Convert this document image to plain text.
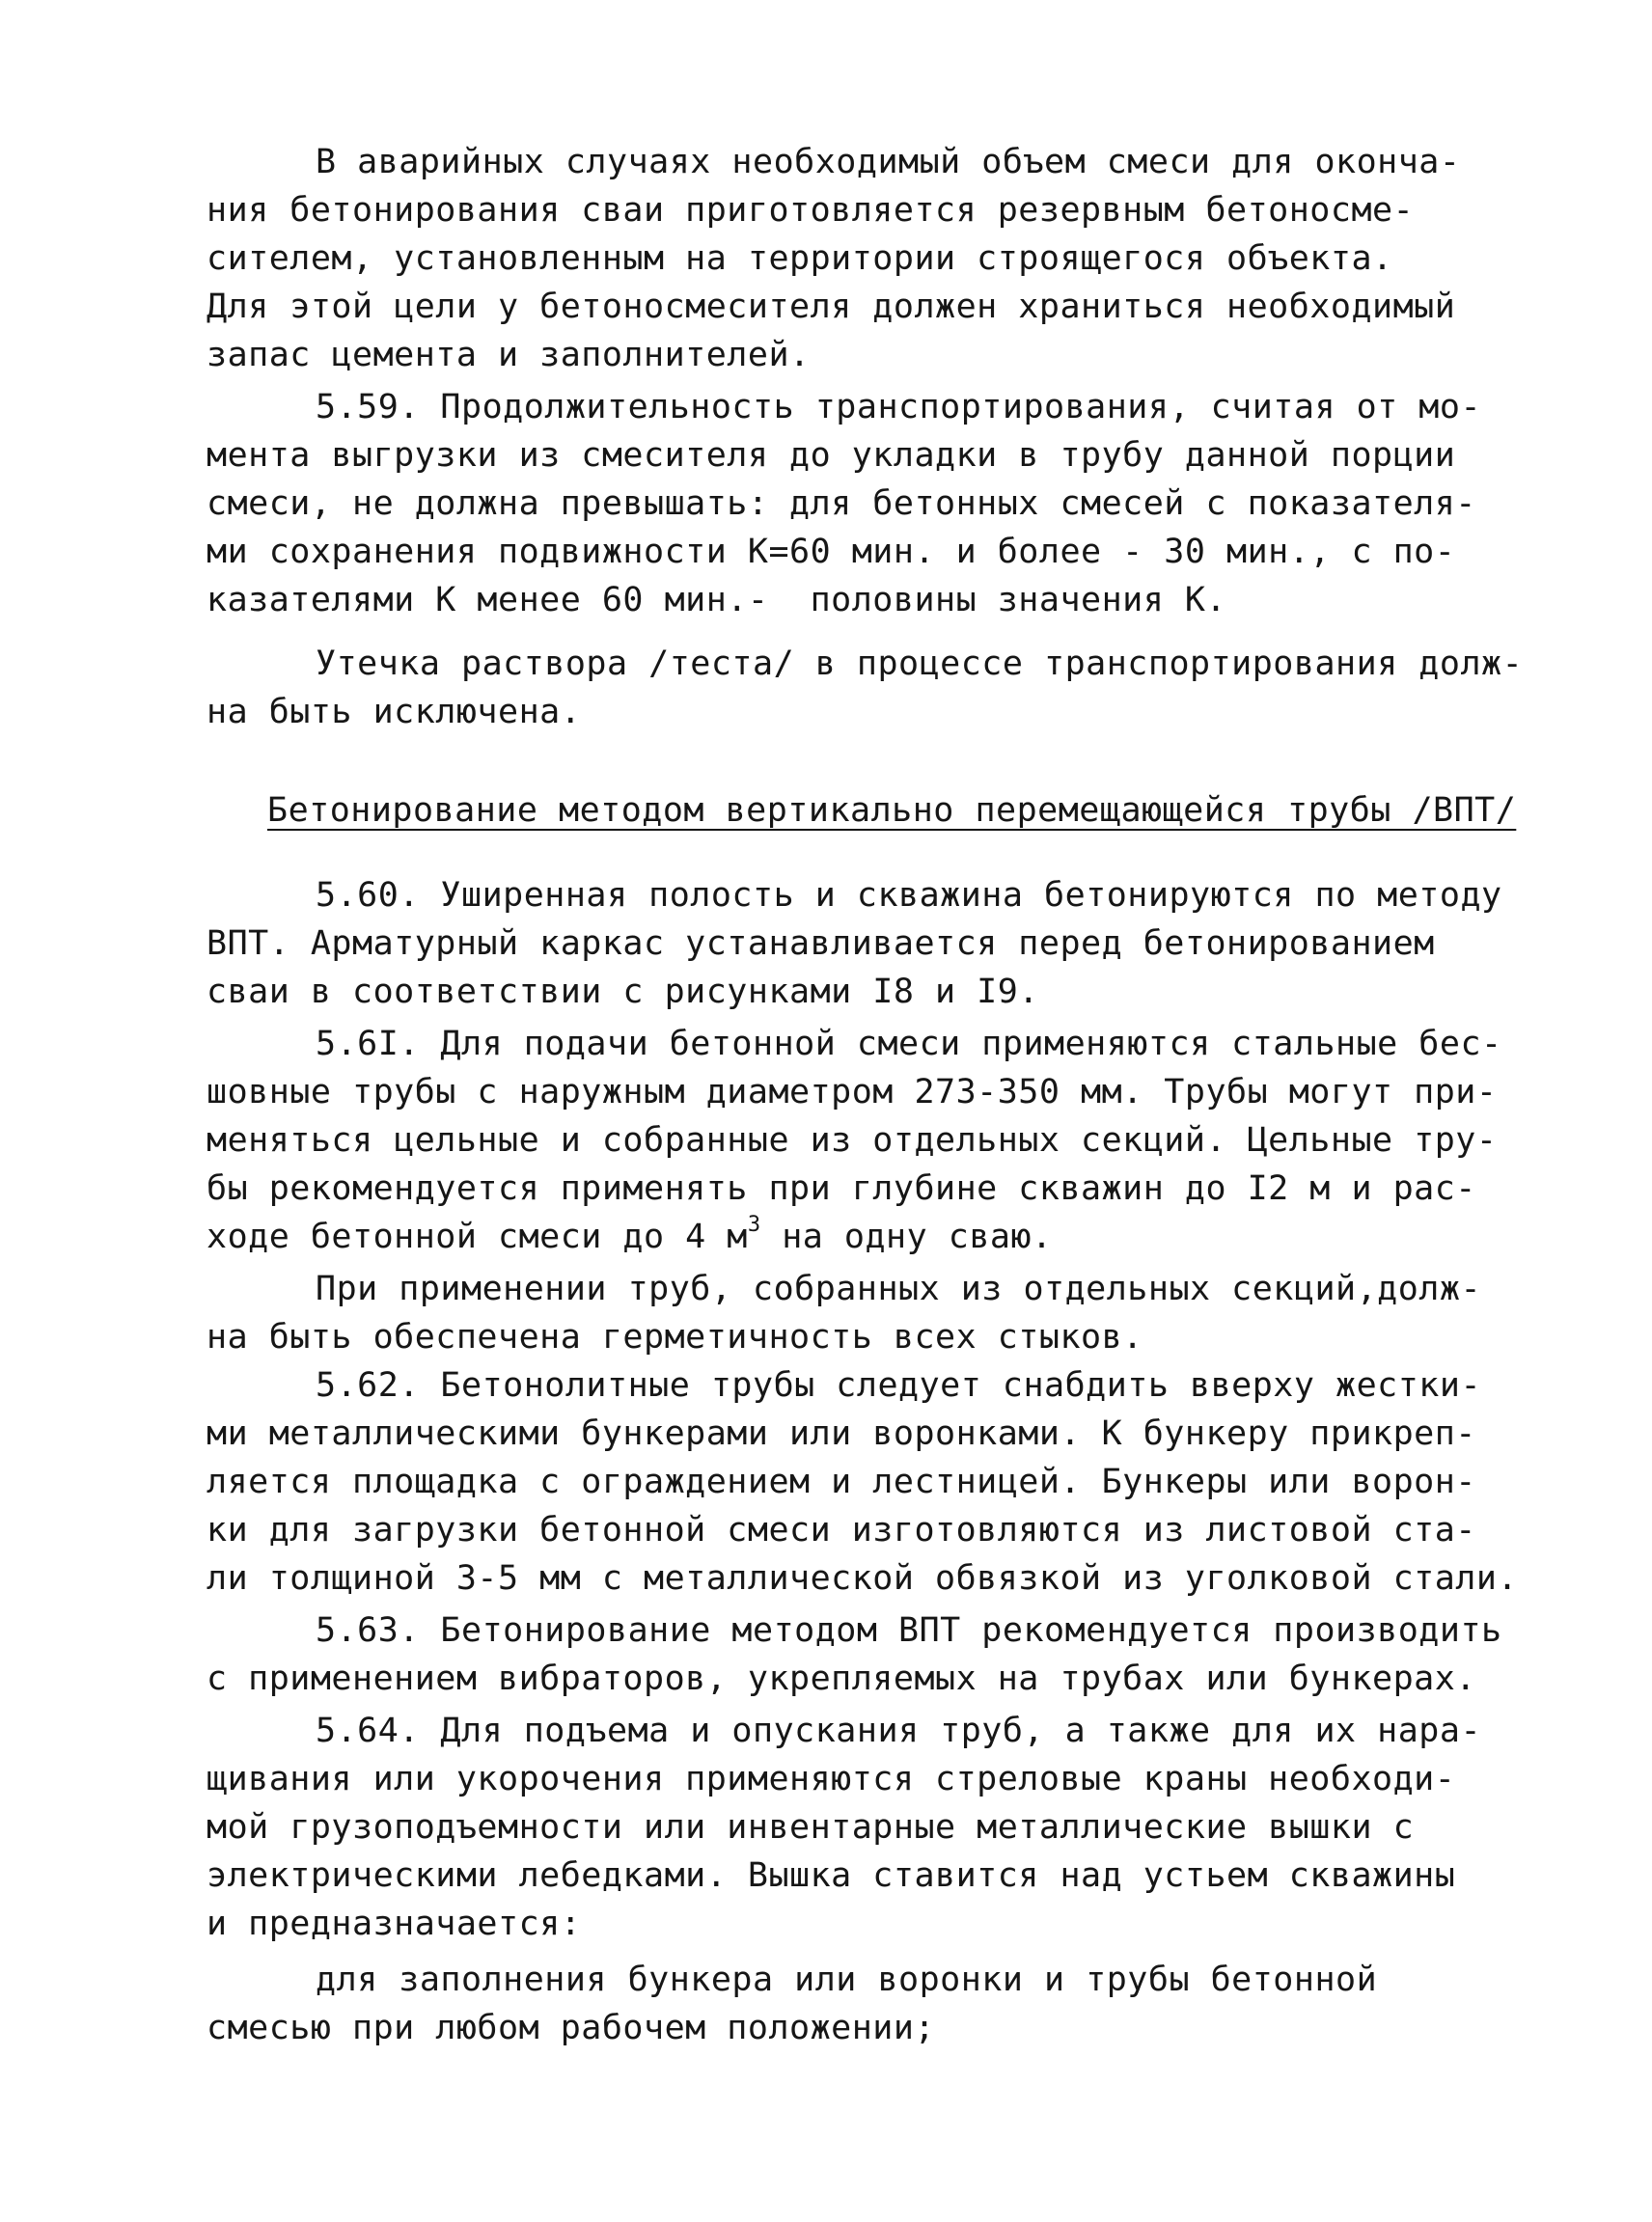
В аварийных случаях необходимый объем смеси для оконча-
ния бетонирования сваи приготовляется резервным бетоносме-
сителем, установленным на территории строящегося объекта.
Для этой цели у бетоносмесителя должен храниться необходимый
запас цемента и заполнителей.
5.59. Продолжительность транспортирования, считая от мо-
мента выгрузки из смесителя до укладки в трубу данной порции
смеси, не должна превышать: для бетонных смесей с показателя-
ми сохранения подвижности К=60 мин. и более - 30 мин., с по-
казателями К менее 60 мин.-  половины значения К.
Утечка раствора /теста/ в процессе транспортирования долж-
на быть исключена.
Бетонирование методом вертикально перемещающейся трубы /ВПТ/
5.60. Уширенная полость и скважина бетонируются по методу
ВПТ. Арматурный каркас устанавливается перед бетонированием
сваи в соответствии с рисунками I8 и I9.
5.6I. Для подачи бетонной смеси применяются стальные бес-
шовные трубы с наружным диаметром 273-350 мм. Трубы могут при-
меняться цельные и собранные из отдельных секций. Цельные тру-
бы рекомендуется применять при глубине скважин до I2 м и рас-
ходе бетонной смеси до 4 $м^3$ на одну сваю.
При применении труб, собранных из отдельных секций,долж-
на быть обеспечена герметичность всех стыков.
5.62. Бетонолитные трубы следует снабдить вверху жестки-
ми металлическими бункерами или воронками. К бункеру прикреп-
ляется площадка с ограждением и лестницей. Бункеры или ворон-
ки для загрузки бетонной смеси изготовляются из листовой ста-
ли толщиной 3-5 мм с металлической обвязкой из уголковой стали.
5.63. Бетонирование методом ВПТ рекомендуется производить
с применением вибраторов, укрепляемых на трубах или бункерах.
5.64. Для подъема и опускания труб, а также для их нара-
щивания или укорочения применяются стреловые краны необходи-
мой грузоподъемности или инвентарные металлические вышки с
электрическими лебедками. Вышка ставится над устьем скважины
и предназначается:
для заполнения бункера или воронки и трубы бетонной
смесью при любом рабочем положении;
